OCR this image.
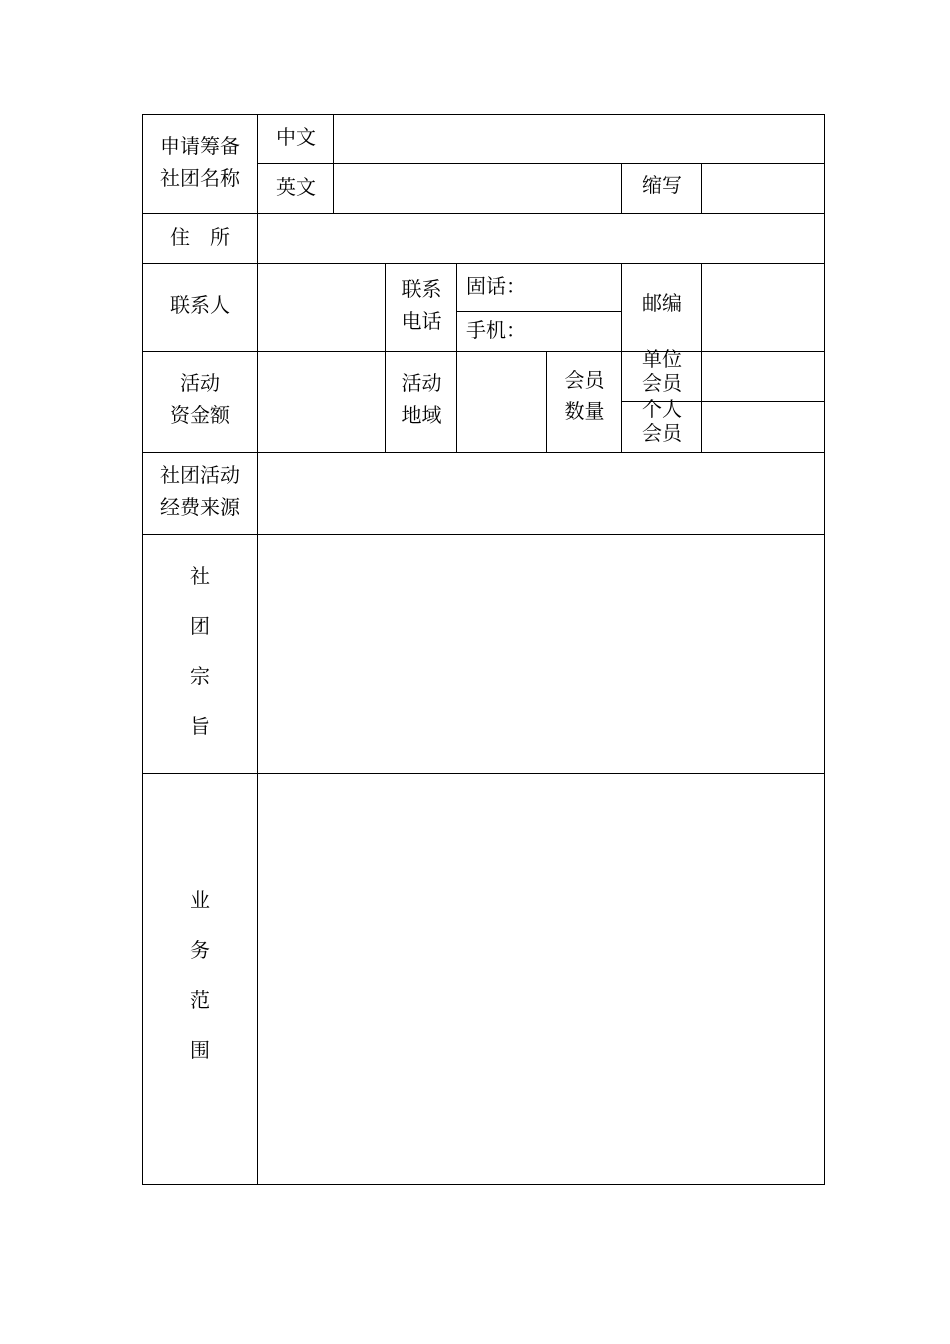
申请筹备
社团名称
中文
英文	缩写
住　所
联系人
联系
电话
固话：
手机：
邮编
活动
资金额
活动
地域
会员
数量
单位
会员
个人
会员
社团活动
经费来源
社
团
宗
旨
业
务
范
围
